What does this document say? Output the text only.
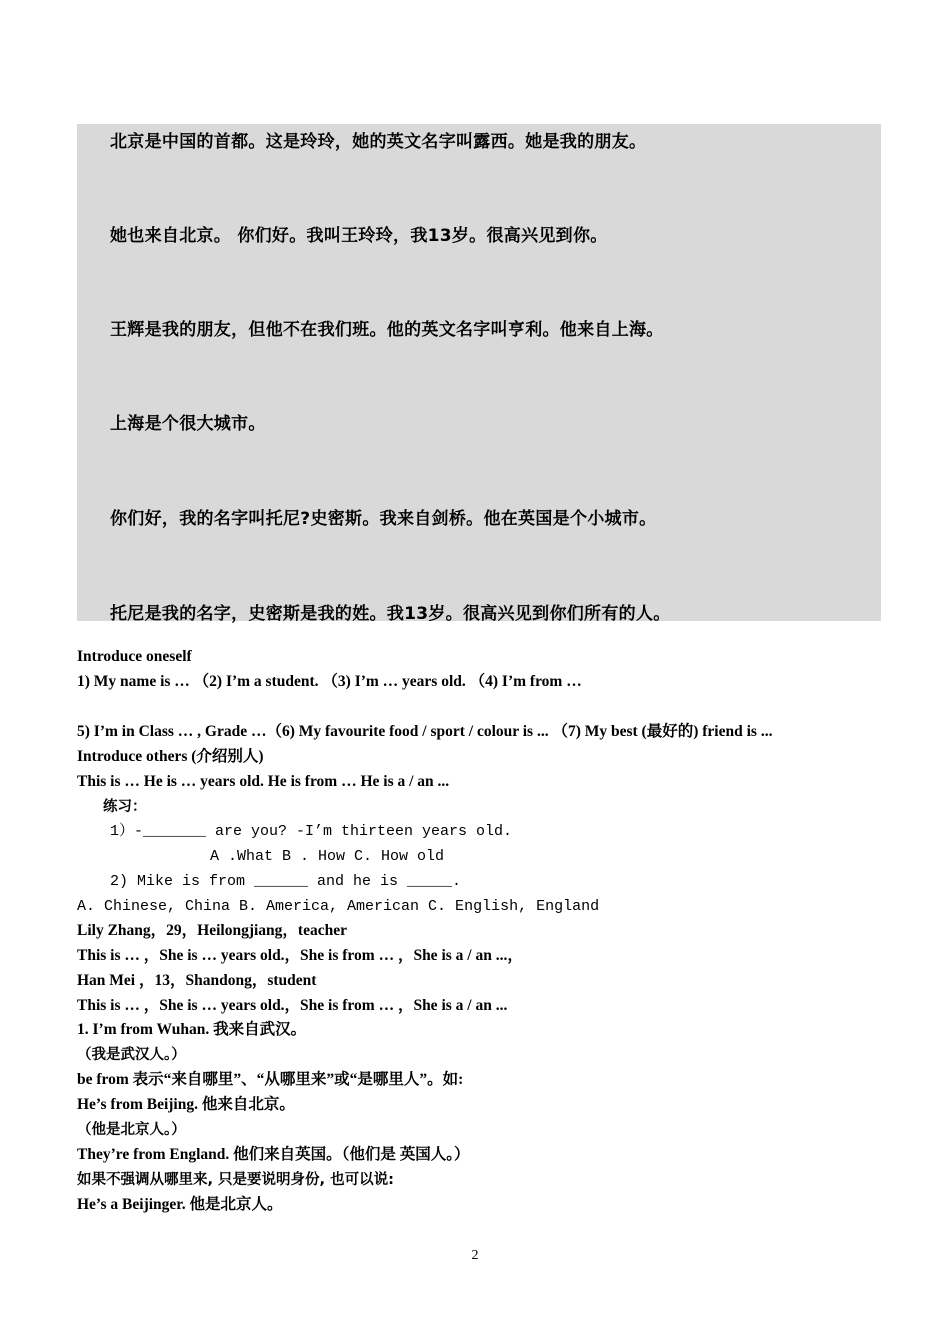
北京是中国的首都。这是玲玲，她的英文名字叫露西。她是我的朋友。
她也来自北京。 你们好。我叫王玲玲，我13岁。很高兴见到你。
王辉是我的朋友，但他不在我们班。他的英文名字叫亨利。他来自上海。
上海是个很大城市。
你们好，我的名字叫托尼?史密斯。我来自剑桥。他在英国是个小城市。
托尼是我的名字，史密斯是我的姓。我13岁。很高兴见到你们所有的人。
Introduce oneself
1) My name is … （2) I’m a student. （3) I’m … years old. （4) I’m from …
5) I’m in Class … , Grade …（6) My favourite food / sport / colour is ... （7) My best (最好的) friend is ...
Introduce others (介绍别人)
This is … He is … years old. He is from … He is a / an ...
练习：
1）-_______ are you? -I’m thirteen years old.
A .What B . How C. How old
2) Mike is from ______ and he is _____.
A. Chinese, China B. America, American C. English, England
Lily Zhang，29，Heilongjiang，teacher
This is … ，She is … years old.，She is from … ，She is a / an ...，
Han Mei ，13，Shandong，student
This is … ，She is … years old.，She is from … ，She is a / an ...
1. I’m from Wuhan. 我来自武汉。
（我是武汉人。）
be from 表示“来自哪里”、“从哪里来”或“是哪里人”。如:
He’s from Beijing. 他来自北京。
（他是北京人。）
They’re from England. 他们来自英国。（他们是 英国人。）
如果不强调从哪里来, 只是要说明身份, 也可以说:
He’s a Beijinger. 他是北京人。
2
